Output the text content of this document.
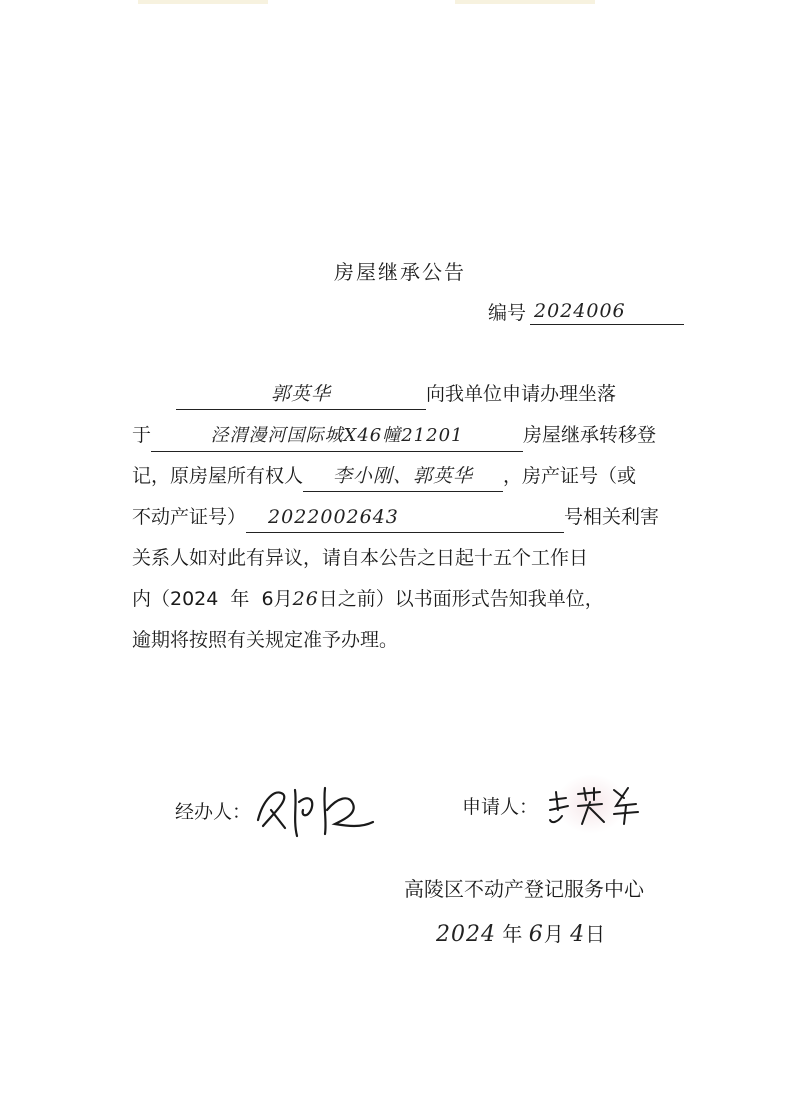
房屋继承公告
编号 2024006
郭英华	向我单位申请办理坐落
于	泾渭漫河国际城X46幢21201	房屋继承转移登
记，原房屋所有权人 李小刚、郭英华 ，房产证号（或
不动产证号） 2022002643	号相关利害
关系人如对此有异议，请自本公告之日起十五个工作日
内（2024  年  6月26日之前）以书面形式告知我单位，
逾期将按照有关规定准予办理。
经办人：	申请人：
高陵区不动产登记服务中心
2024 年 6月 4日
